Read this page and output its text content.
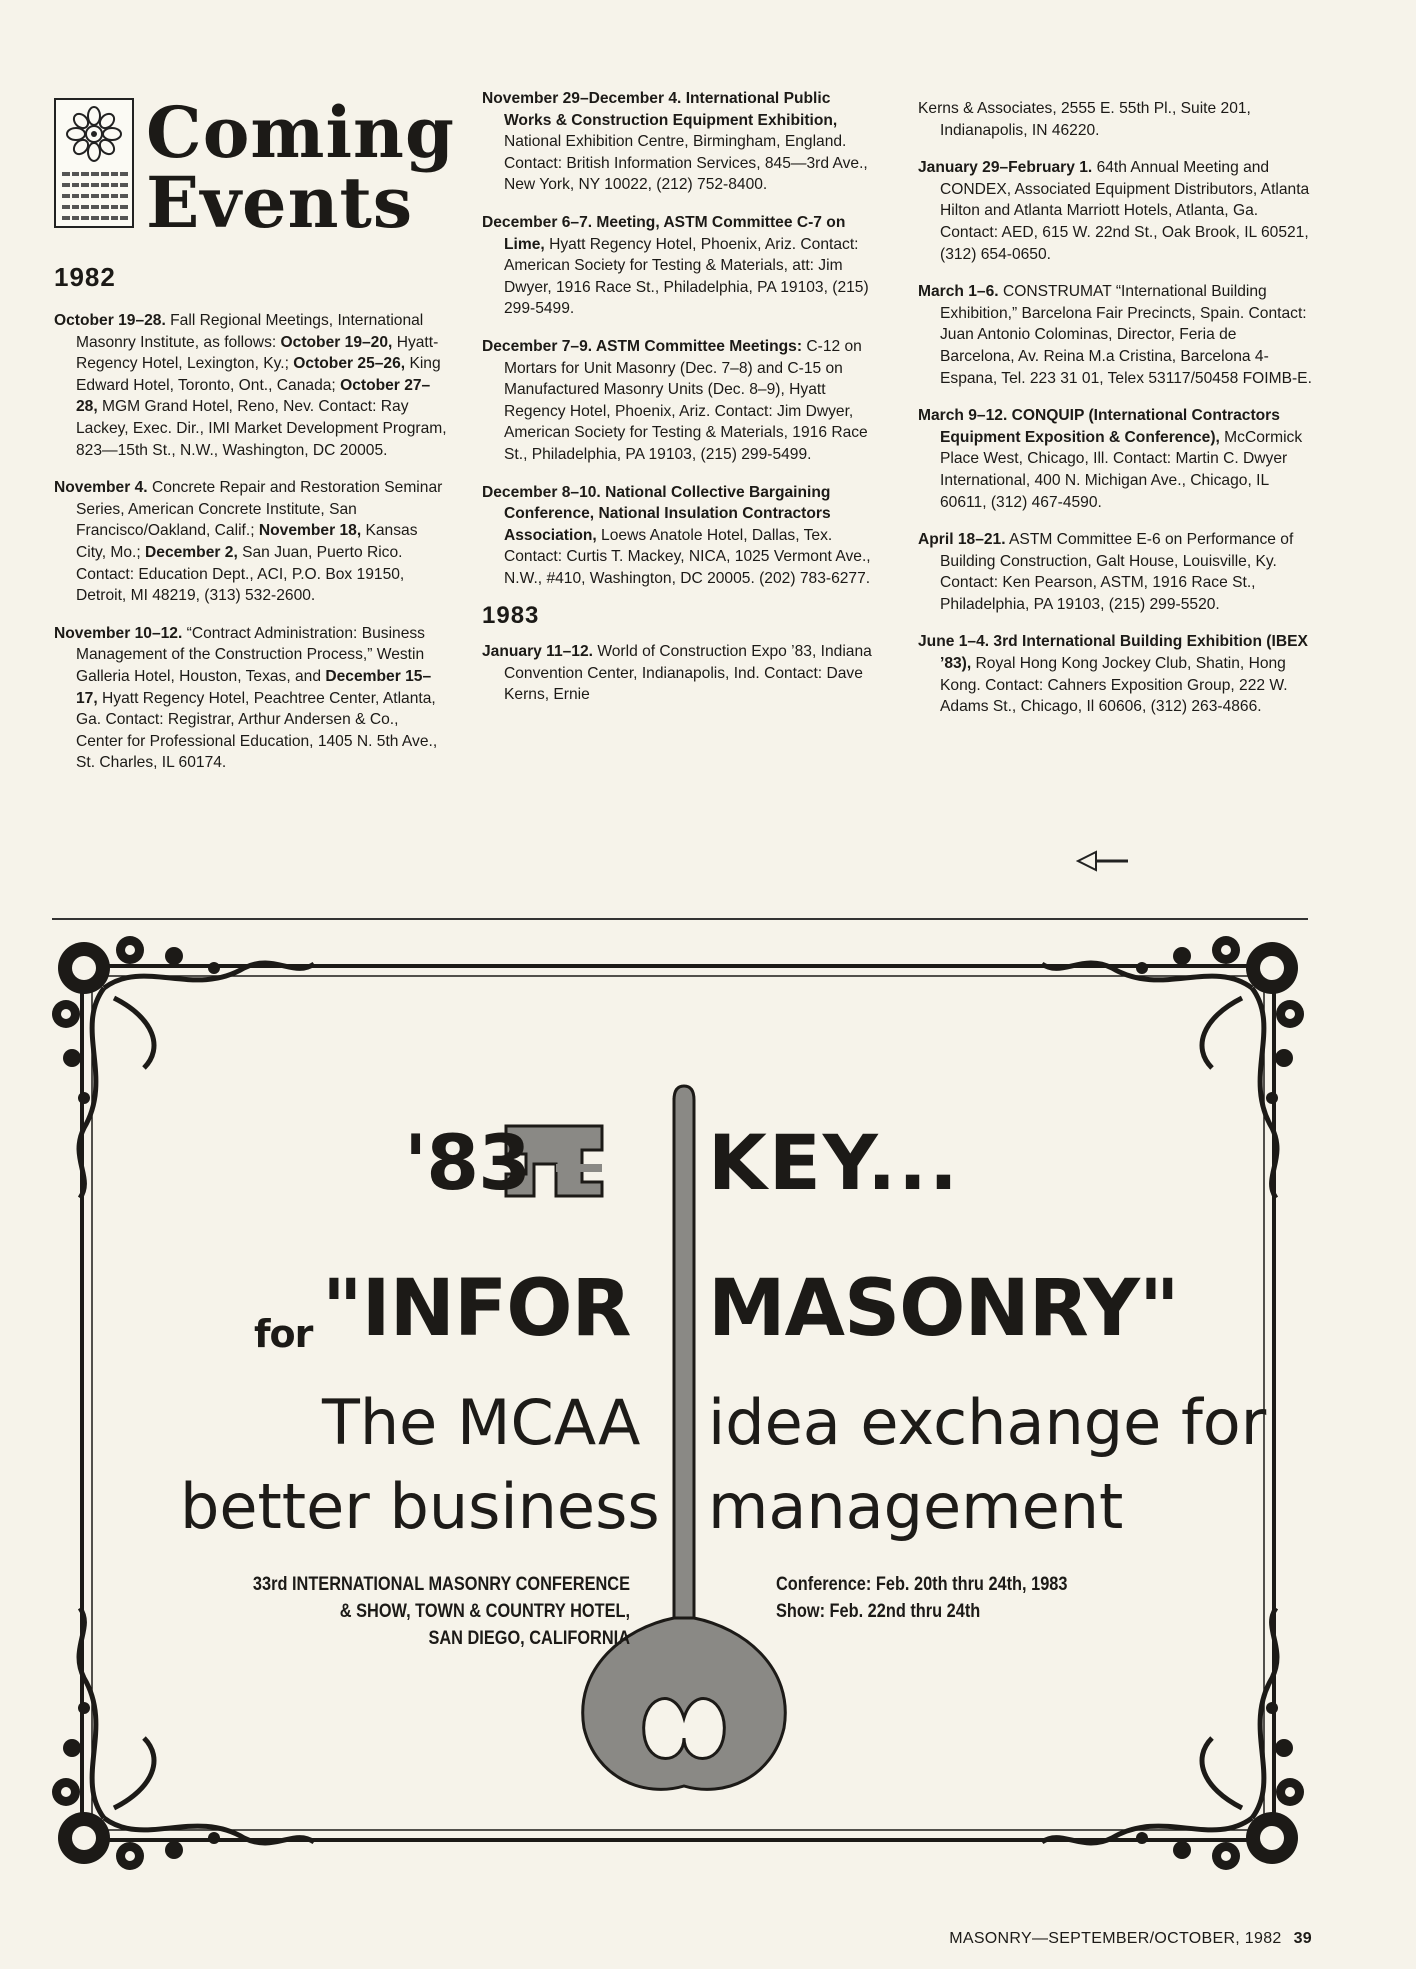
Coming
Events
1982

October 19–28. Fall Regional Meetings, International Masonry Institute, as follows: October 19–20, Hyatt-Regency Hotel, Lexington, Ky.; October 25–26, King Edward Hotel, Toronto, Ont., Canada; October 27–28, MGM Grand Hotel, Reno, Nev. Contact: Ray Lackey, Exec. Dir., IMI Market Development Program, 823—15th St., N.W., Washington, DC 20005.

November 4. Concrete Repair and Restoration Seminar Series, American Concrete Institute, San Francisco/Oakland, Calif.; November 18, Kansas City, Mo.; December 2, San Juan, Puerto Rico. Contact: Education Dept., ACI, P.O. Box 19150, Detroit, MI 48219, (313) 532-2600.

November 10–12. “Contract Administration: Business Management of the Construction Process,” Westin Galleria Hotel, Houston, Texas, and December 15–17, Hyatt Regency Hotel, Peachtree Center, Atlanta, Ga. Contact: Registrar, Arthur Andersen & Co., Center for Professional Education, 1405 N. 5th Ave., St. Charles, IL 60174.

November 29–December 4. International Public Works & Construction Equipment Exhibition, National Exhibition Centre, Birmingham, England. Contact: British Information Services, 845—3rd Ave., New York, NY 10022, (212) 752-8400.

December 6–7. Meeting, ASTM Committee C-7 on Lime, Hyatt Regency Hotel, Phoenix, Ariz. Contact: American Society for Testing & Materials, att: Jim Dwyer, 1916 Race St., Philadelphia, PA 19103, (215) 299-5499.

December 7–9. ASTM Committee Meetings: C-12 on Mortars for Unit Masonry (Dec. 7–8) and C-15 on Manufactured Masonry Units (Dec. 8–9), Hyatt Regency Hotel, Phoenix, Ariz. Contact: Jim Dwyer, American Society for Testing & Materials, 1916 Race St., Philadelphia, PA 19103, (215) 299-5499.

December 8–10. National Collective Bargaining Conference, National Insulation Contractors Association, Loews Anatole Hotel, Dallas, Tex. Contact: Curtis T. Mackey, NICA, 1025 Vermont Ave., N.W., #410, Washington, DC 20005. (202) 783-6277.

1983

January 11–12. World of Construction Expo ’83, Indiana Convention Center, Indianapolis, Ind. Contact: Dave Kerns, Ernie

Kerns & Associates, 2555 E. 55th Pl., Suite 201, Indianapolis, IN 46220.

January 29–February 1. 64th Annual Meeting and CONDEX, Associated Equipment Distributors, Atlanta Hilton and Atlanta Marriott Hotels, Atlanta, Ga. Contact: AED, 615 W. 22nd St., Oak Brook, IL 60521, (312) 654-0650.

March 1–6. CONSTRUMAT “International Building Exhibition,” Barcelona Fair Precincts, Spain. Contact: Juan Antonio Colominas, Director, Feria de Barcelona, Av. Reina M.a Cristina, Barcelona 4-Espana, Tel. 223 31 01, Telex 53117/50458 FOIMB-E.

March 9–12. CONQUIP (International Contractors Equipment Exposition & Conference), McCormick Place West, Chicago, Ill. Contact: Martin C. Dwyer International, 400 N. Michigan Ave., Chicago, IL 60611, (312) 467-4590.

April 18–21. ASTM Committee E-6 on Performance of Building Construction, Galt House, Louisville, Ky. Contact: Ken Pearson, ASTM, 1916 Race St., Philadelphia, PA 19103, (215) 299-5520.

June 1–4. 3rd International Building Exhibition (IBEX ’83), Royal Hong Kong Jockey Club, Shatin, Hong Kong. Contact: Cahners Exposition Group, 222 W. Adams St., Chicago, Il 60606, (312) 263-4866.

'83 KEY...
for "INFOR MASONRY"
The MCAA idea exchange for
better business management
33rd INTERNATIONAL MASONRY CONFERENCE
& SHOW, TOWN & COUNTRY HOTEL,
SAN DIEGO, CALIFORNIA
Conference: Feb. 20th thru 24th, 1983
Show: Feb. 22nd thru 24th
MASONRY—SEPTEMBER/OCTOBER, 1982 39
